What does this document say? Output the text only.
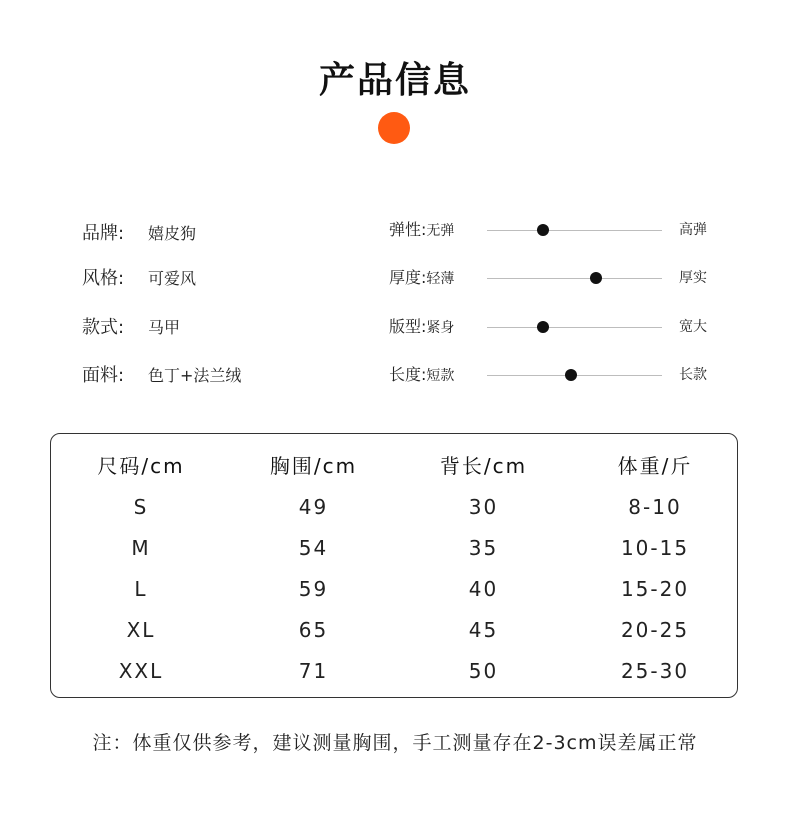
产品信息
品牌:	嬉皮狗
风格:	可爱风
款式:	马甲
面料:	色丁+法兰绒
弹性:无弹	高弹
厚度:轻薄	厚实
版型:紧身	宽大
长度:短款	长款
尺码/cm	胸围/cm	背长/cm	体重/斤
S	49	30	8-10
M	54	35	10-15
L	59	40	15-20
XL	65	45	20-25
XXL	71	50	25-30
注：体重仅供参考，建议测量胸围，手工测量存在2-3cm误差属正常
